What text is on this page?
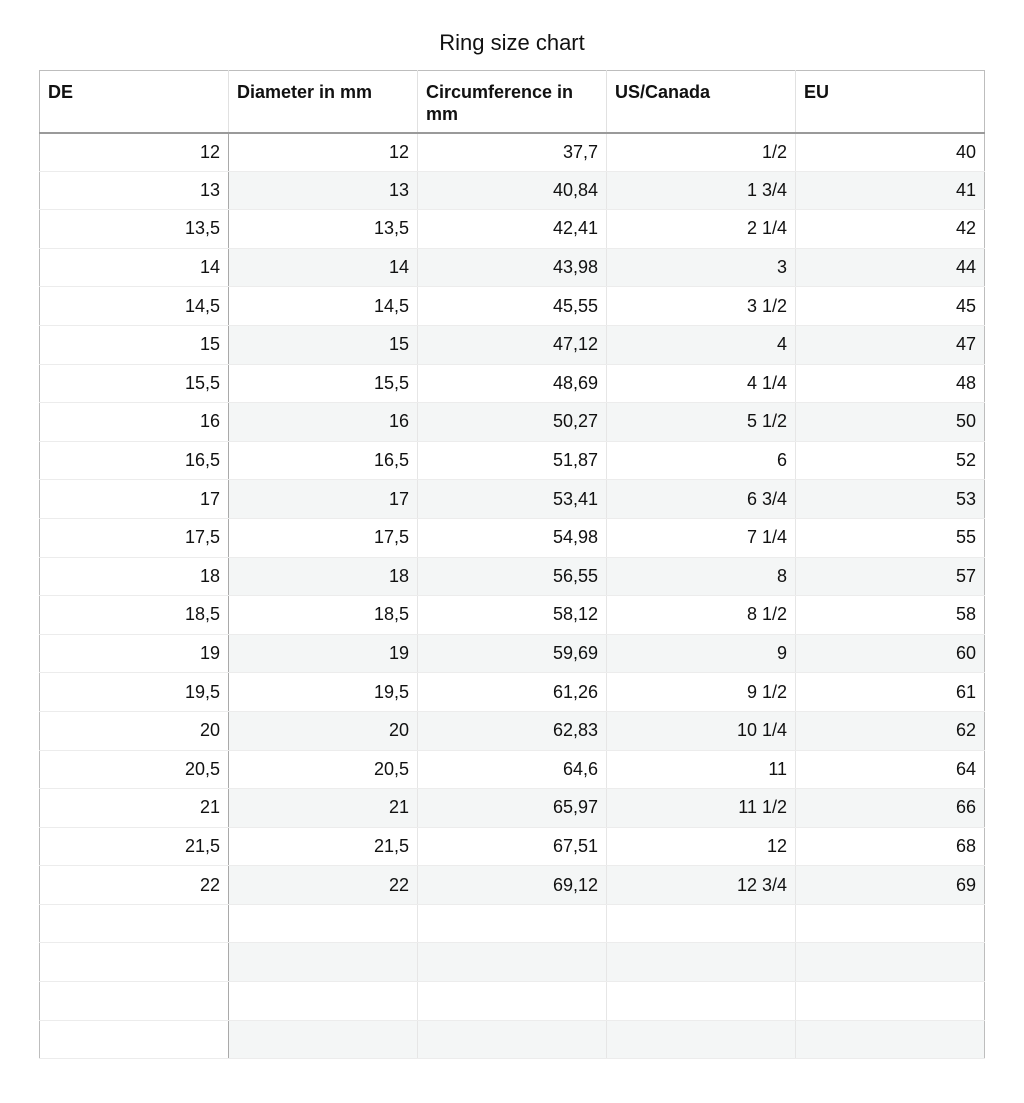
Ring size chart
DE	Diameter in mm	Circumference in mm	US/Canada	EU
12	12	37,7	1/2	40
13	13	40,84	1 3/4	41
13,5	13,5	42,41	2 1/4	42
14	14	43,98	3	44
14,5	14,5	45,55	3 1/2	45
15	15	47,12	4	47
15,5	15,5	48,69	4 1/4	48
16	16	50,27	5 1/2	50
16,5	16,5	51,87	6	52
17	17	53,41	6 3/4	53
17,5	17,5	54,98	7 1/4	55
18	18	56,55	8	57
18,5	18,5	58,12	8 1/2	58
19	19	59,69	9	60
19,5	19,5	61,26	9 1/2	61
20	20	62,83	10 1/4	62
20,5	20,5	64,6	11	64
21	21	65,97	11 1/2	66
21,5	21,5	67,51	12	68
22	22	69,12	12 3/4	69
